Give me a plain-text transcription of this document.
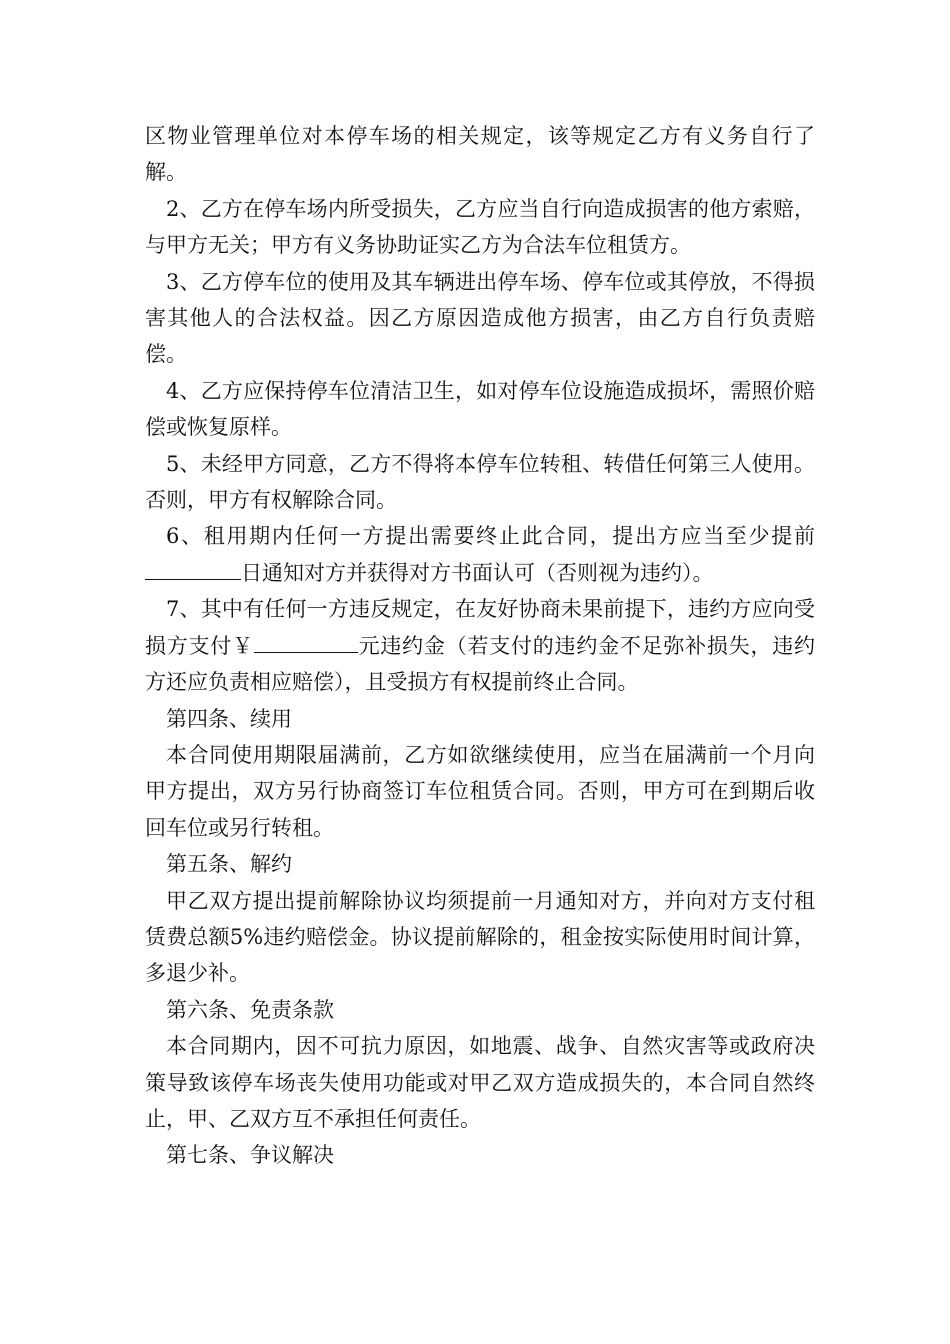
区物业管理单位对本停车场的相关规定，该等规定乙方有义务自行了解。

2、乙方在停车场内所受损失，乙方应当自行向造成损害的他方索赔，与甲方无关；甲方有义务协助证实乙方为合法车位租赁方。

3、乙方停车位的使用及其车辆进出停车场、停车位或其停放，不得损害其他人的合法权益。因乙方原因造成他方损害，由乙方自行负责赔偿。

4、乙方应保持停车位清洁卫生，如对停车位设施造成损坏，需照价赔偿或恢复原样。

5、未经甲方同意，乙方不得将本停车位转租、转借任何第三人使用。否则，甲方有权解除合同。

6、租用期内任何一方提出需要终止此合同，提出方应当至少提前日通知对方并获得对方书面认可（否则视为违约）。

7、其中有任何一方违反规定，在友好协商未果前提下，违约方应向受损方支付￥	元违约金（若支付的违约金不足弥补损失，违约方还应负责相应赔偿），且受损方有权提前终止合同。

第四条、续用

本合同使用期限届满前，乙方如欲继续使用，应当在届满前一个月向甲方提出，双方另行协商签订车位租赁合同。否则，甲方可在到期后收回车位或另行转租。

第五条、解约

甲乙双方提出提前解除协议均须提前一月通知对方，并向对方支付租赁费总额5%违约赔偿金。协议提前解除的，租金按实际使用时间计算，多退少补。

第六条、免责条款

本合同期内，因不可抗力原因，如地震、战争、自然灾害等或政府决策导致该停车场丧失使用功能或对甲乙双方造成损失的，本合同自然终止，甲、乙双方互不承担任何责任。

第七条、争议解决
